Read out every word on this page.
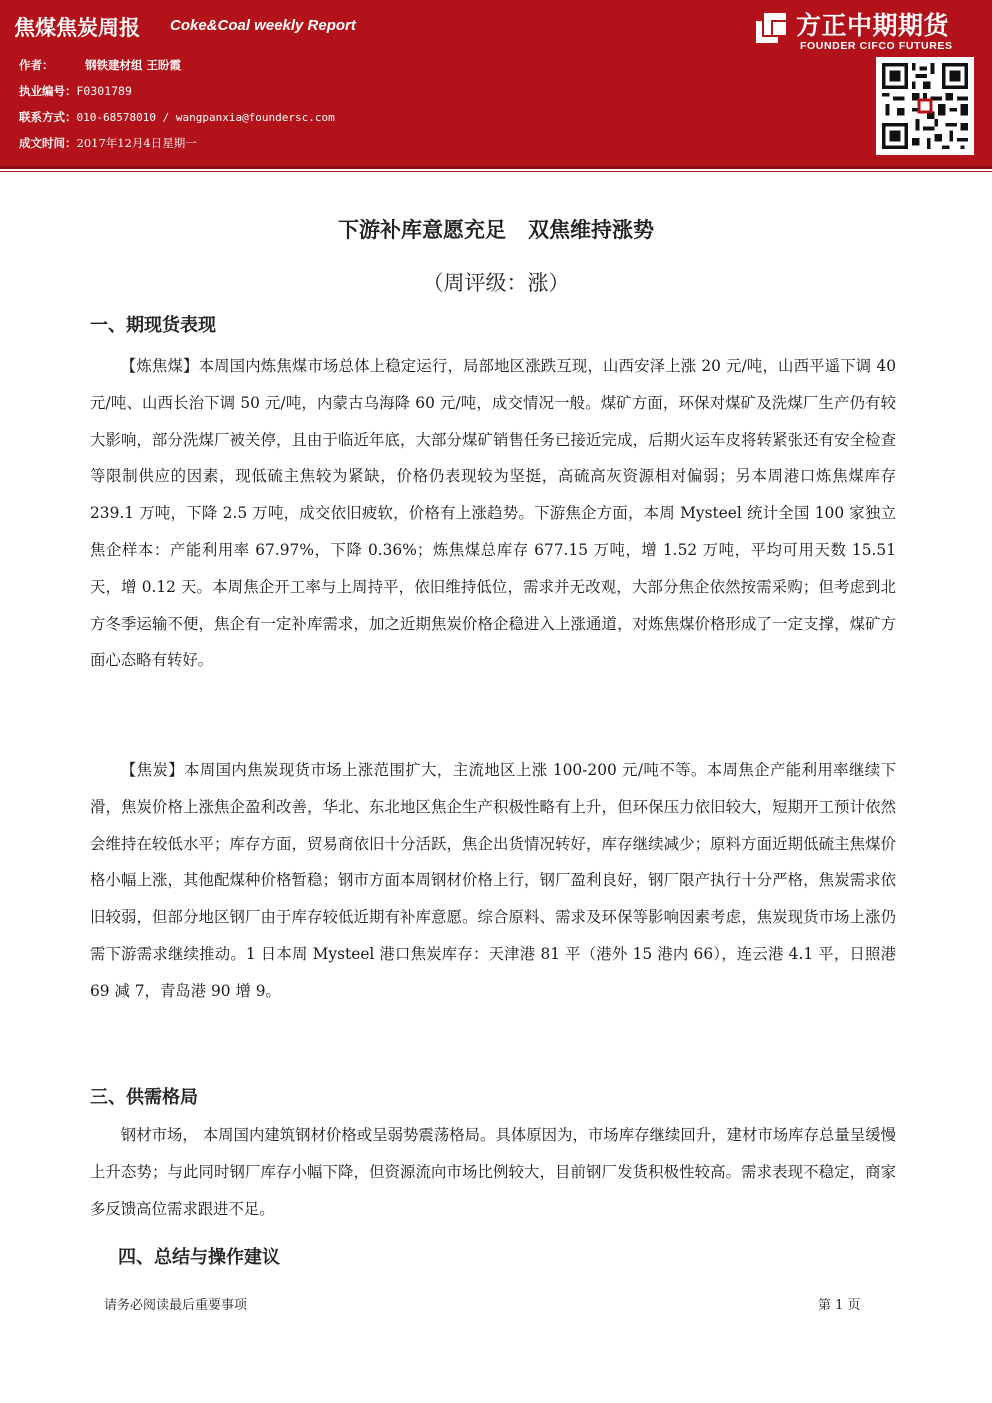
焦煤焦炭周报 Coke&Coal weekly Report
作者：	钢铁建材组 王盼霞
执业编号：F0301789
联系方式：010-68578010 / wangpanxia@foundersc.com
成文时间：2017年12月4日星期一
方正中期期货
FOUNDER CIFCO FUTURES
下游补库意愿充足   双焦维持涨势
（周评级：涨）
一、期现货表现
【炼焦煤】本周国内炼焦煤市场总体上稳定运行，局部地区涨跌互现，山西安泽上涨 20 元/吨，山西平遥下调 40 元/吨、山西长治下调 50 元/吨，内蒙古乌海降 60 元/吨，成交情况一般。煤矿方面，环保对煤矿及洗煤厂生产仍有较大影响，部分洗煤厂被关停，且由于临近年底，大部分煤矿销售任务已接近完成，后期火运车皮将转紧张还有安全检查等限制供应的因素，现低硫主焦较为紧缺，价格仍表现较为坚挺，高硫高灰资源相对偏弱；另本周港口炼焦煤库存 239.1 万吨，下降 2.5 万吨，成交依旧疲软，价格有上涨趋势。下游焦企方面，本周 Mysteel 统计全国 100 家独立焦企样本：产能利用率 67.97%，下降 0.36%；炼焦煤总库存 677.15 万吨，增 1.52 万吨，平均可用天数 15.51 天，增 0.12 天。本周焦企开工率与上周持平，依旧维持低位，需求并无改观，大部分焦企依然按需采购；但考虑到北方冬季运输不便，焦企有一定补库需求，加之近期焦炭价格企稳进入上涨通道，对炼焦煤价格形成了一定支撑，煤矿方面心态略有转好。
【焦炭】本周国内焦炭现货市场上涨范围扩大，主流地区上涨 100-200 元/吨不等。本周焦企产能利用率继续下滑，焦炭价格上涨焦企盈利改善，华北、东北地区焦企生产积极性略有上升，但环保压力依旧较大，短期开工预计依然会维持在较低水平；库存方面，贸易商依旧十分活跃，焦企出货情况转好，库存继续减少；原料方面近期低硫主焦煤价格小幅上涨，其他配煤种价格暂稳；钢市方面本周钢材价格上行，钢厂盈利良好，钢厂限产执行十分严格，焦炭需求依旧较弱，但部分地区钢厂由于库存较低近期有补库意愿。综合原料、需求及环保等影响因素考虑，焦炭现货市场上涨仍需下游需求继续推动。1 日本周 Mysteel 港口焦炭库存：天津港 81 平（港外 15 港内 66），连云港 4.1 平，日照港 69 减 7，青岛港 90 增 9。
三、供需格局
钢材市场， 本周国内建筑钢材价格或呈弱势震荡格局。具体原因为，市场库存继续回升，建材市场库存总量呈缓慢上升态势；与此同时钢厂库存小幅下降，但资源流向市场比例较大，目前钢厂发货积极性较高。需求表现不稳定，商家多反馈高位需求跟进不足。
四、总结与操作建议
请务必阅读最后重要事项	第 1 页
